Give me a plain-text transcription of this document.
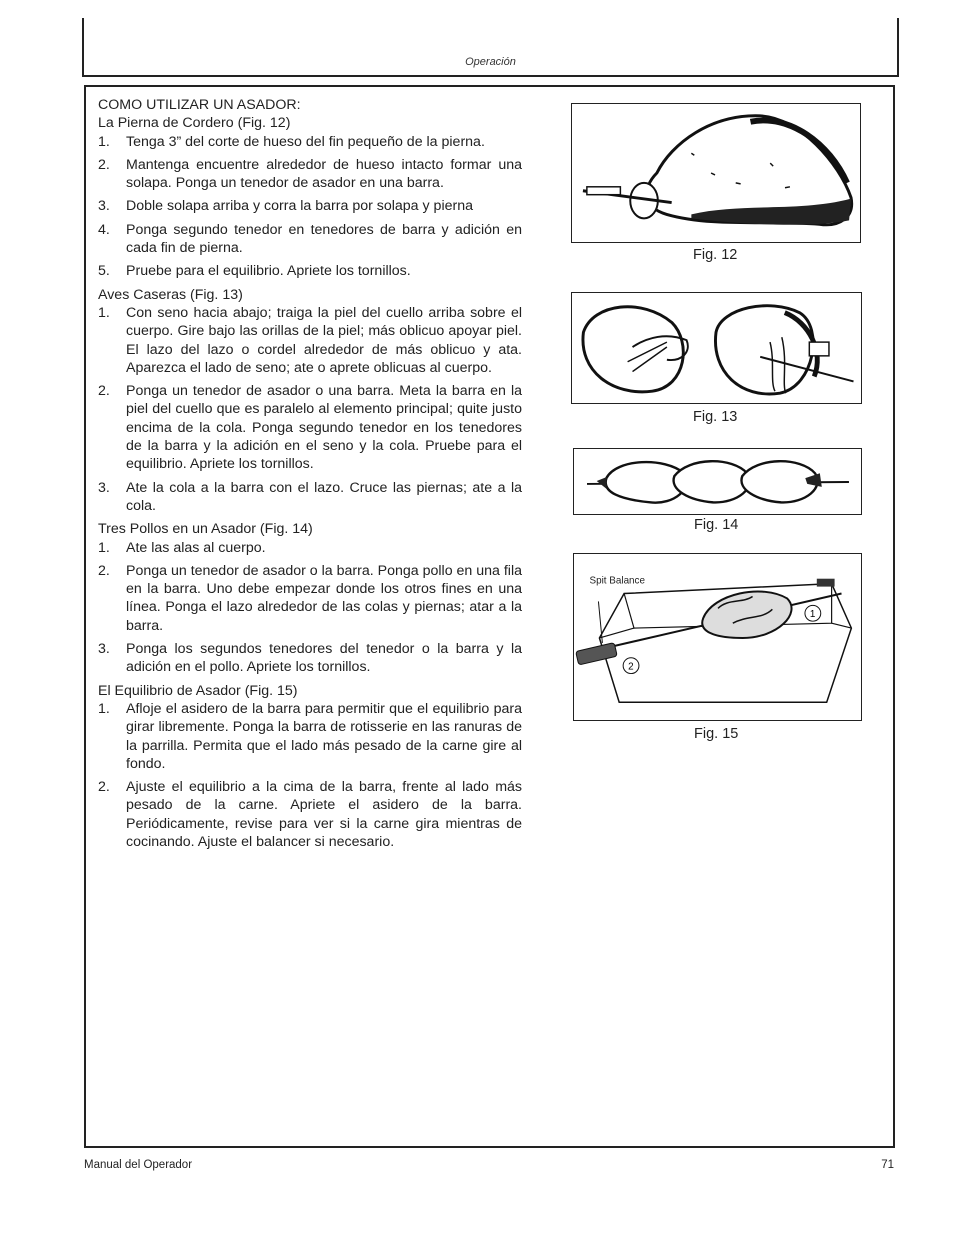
Operación

COMO UTILIZAR UN ASADOR:

La Pierna de Cordero (Fig. 12)

1.	Tenga 3” del corte de hueso del fin pequeño de la pierna.
2.	Mantenga encuentre alrededor de hueso intacto formar una solapa. Ponga un tenedor de asador en una barra.
3.	Doble solapa arriba y corra la barra por solapa y pierna
4.	Ponga segundo tenedor en tenedores de barra y adición en cada fin de pierna.
5.	Pruebe para el equilibrio. Apriete los tornillos.

Aves Caseras (Fig. 13)

1.	Con seno hacia abajo; traiga la piel del cuello arriba sobre el cuerpo. Gire bajo las orillas de la piel; más oblicuo apoyar piel. El lazo del lazo o cordel alrededor de más oblicuo y ata. Aparezca el lado de seno; ate o aprete oblicuas al cuerpo.
2.	Ponga un tenedor de asador o una barra. Meta la barra en la piel del cuello que es paralelo al elemento principal; quite justo encima de la cola. Ponga segundo tenedor en los tenedores de la barra y la adición en el seno y la cola. Pruebe para el equilibrio. Apriete los tornillos.
3.	Ate la cola a la barra con el lazo. Cruce las piernas; ate a la cola.

Tres Pollos en un Asador (Fig. 14)

1.	Ate las alas al cuerpo.
2.	Ponga un tenedor de asador o la barra. Ponga pollo en una fila en la barra. Uno debe empezar donde los otros fines en una línea. Ponga el lazo alrededor de las colas y piernas; atar a la barra.
3.	Ponga los segundos tenedores del tenedor o la barra y la adición en el pollo. Apriete los tornillos.

El Equilibrio de Asador (Fig. 15)

1.	Afloje el asidero de la barra para permitir que el equilibrio para girar libremente. Ponga la barra de rotisserie en las ranuras de la parrilla. Permita que el lado más pesado de la carne gire al fondo.
2.	Ajuste el equilibrio a la cima de la barra, frente al lado más pesado de la carne. Apriete el asidero de la barra. Periódicamente, revise para ver si la carne gira mientras de cocinando. Ajuste el balancer si necesario.
Fig. 12
Fig. 13
Fig. 14
Spit Balance
1
2
Fig. 15
Manual del Operador	71
